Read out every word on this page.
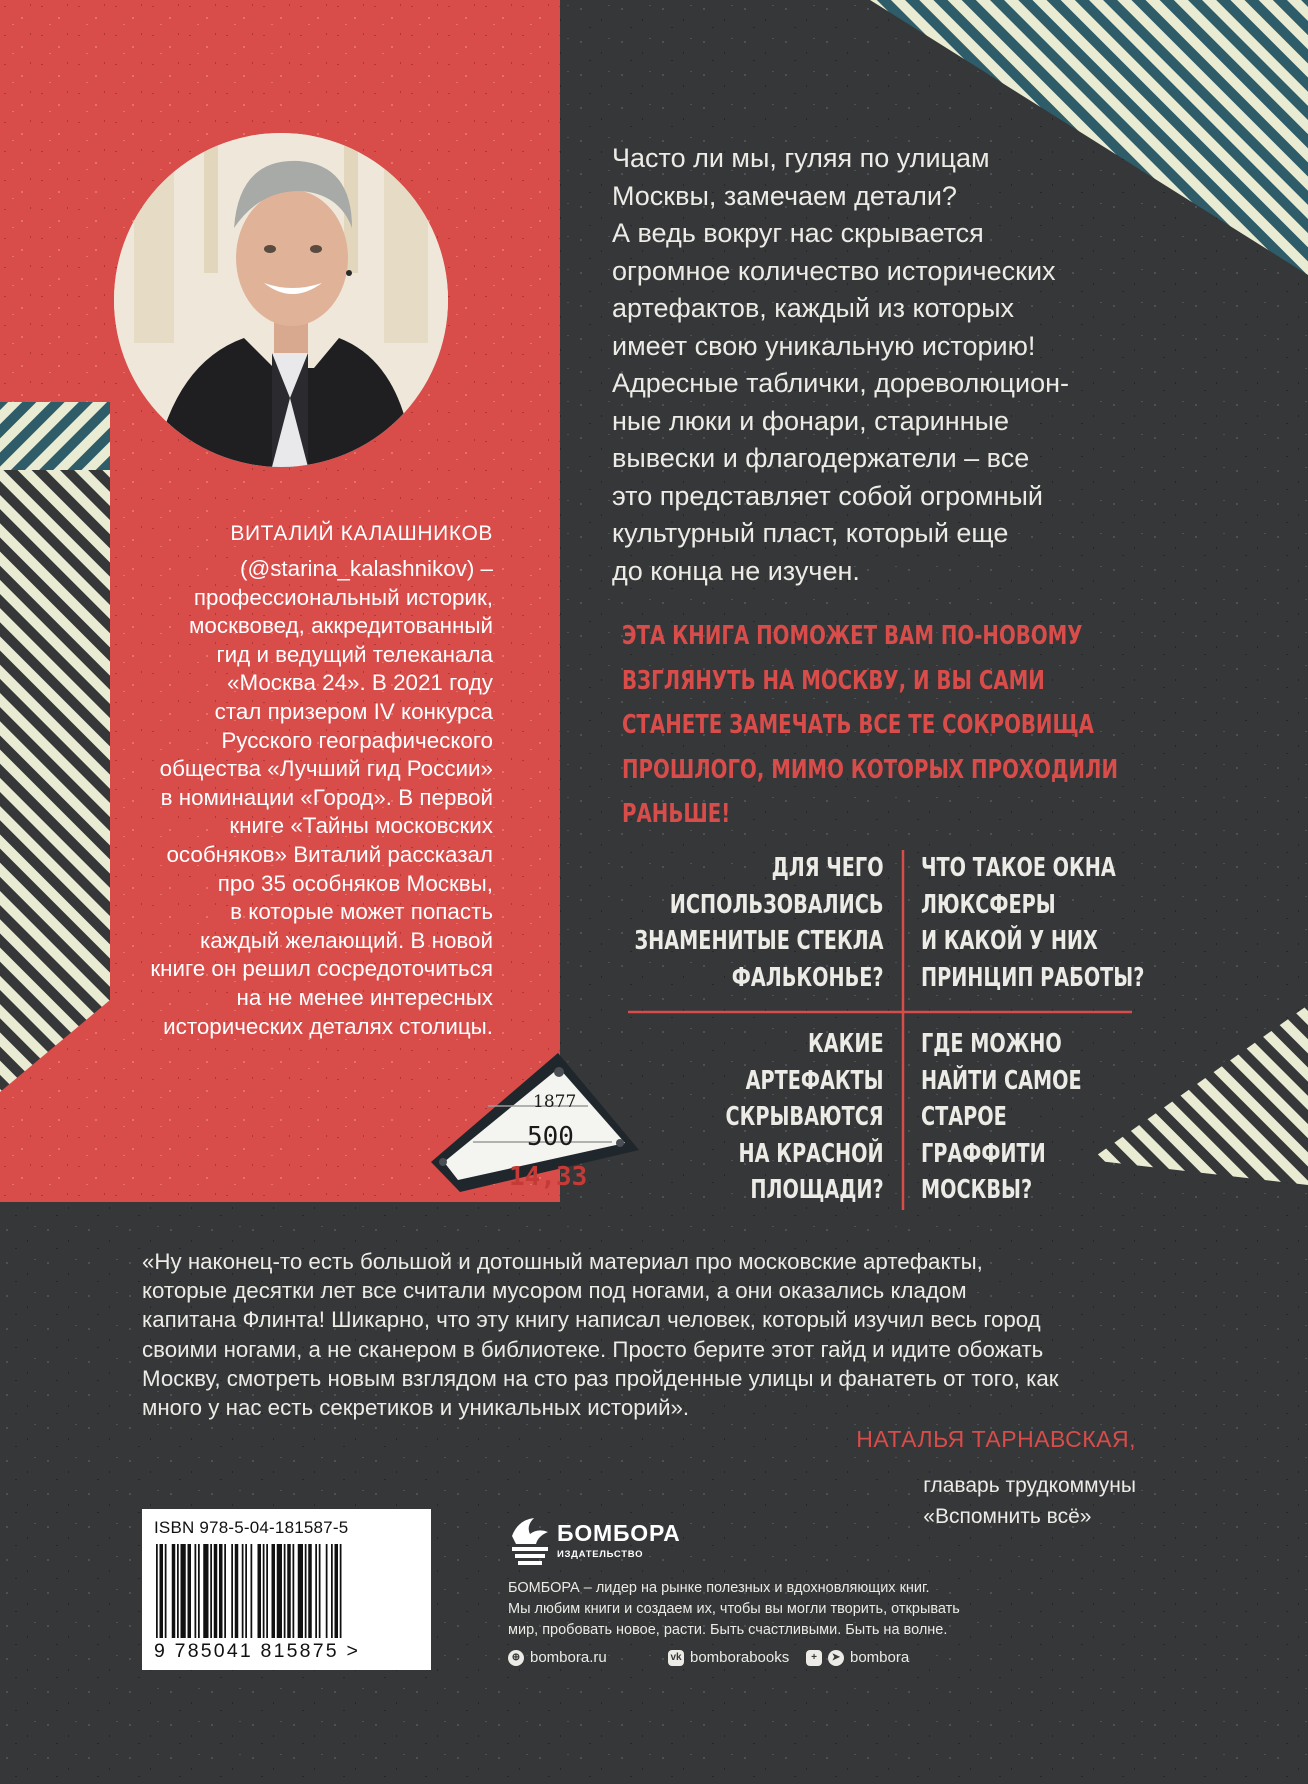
Часто ли мы, гуляя по улицам
Москвы, замечаем детали?
А ведь вокруг нас скрывается
огромное количество исторических
артефактов, каждый из которых
имеет свою уникальную историю!
Адресные таблички, дореволюцион-
ные люки и фонари, старинные
вывески и флагодержатели – все
это представляет собой огромный
культурный пласт, который еще
до конца не изучен.
ВИТАЛИЙ КАЛАШНИКОВ
(@starina_kalashnikov) –
профессиональный историк,
москвовед, аккредитованный
гид и ведущий телеканала
«Москва 24». В 2021 году
стал призером IV конкурса
Русского географического
общества «Лучший гид России»
в номинации «Город». В первой
книге «Тайны московских
особняков» Виталий рассказал
про 35 особняков Москвы,
в которые может попасть
каждый желающий. В новой
книге он решил сосредоточиться
на не менее интересных
исторических деталях столицы.
ЭТА КНИГА ПОМОЖЕТ ВАМ ПО-НОВОМУ
ВЗГЛЯНУТЬ НА МОСКВУ, И ВЫ САМИ
СТАНЕТЕ ЗАМЕЧАТЬ ВСЕ ТЕ СОКРОВИЩА
ПРОШЛОГО, МИМО КОТОРЫХ ПРОХОДИЛИ
РАНЬШЕ!
ДЛЯ ЧЕГО
ИСПОЛЬЗОВАЛИСЬ
ЗНАМЕНИТЫЕ СТЕКЛА
ФАЛЬКОНЬЕ?
ЧТО ТАКОЕ ОКНА
ЛЮКСФЕРЫ
И КАКОЙ У НИХ
ПРИНЦИП РАБОТЫ?
КАКИЕ
АРТЕФАКТЫ
СКРЫВАЮТСЯ
НА КРАСНОЙ
ПЛОЩАДИ?
ГДЕ МОЖНО
НАЙТИ САМОЕ
СТАРОЕ
ГРАФФИТИ
МОСКВЫ?
1877
500
14,33
«Ну наконец-то есть большой и дотошный материал про московские артефакты,
которые десятки лет все считали мусором под ногами, а они оказались кладом
капитана Флинта! Шикарно, что эту книгу написал человек, который изучил весь город
своими ногами, а не сканером в библиотеке. Просто берите этот гайд и идите обожать
Москву, смотреть новым взглядом на сто раз пройденные улицы и фанатеть от того, как
много у нас есть секретиков и уникальных историй».
НАТАЛЬЯ ТАРНАВСКАЯ,
главарь трудкоммуны
«Вспомнить всё»
ISBN 978-5-04-181587-5
9 785041 815875 >
БОМБОРА
ИЗДАТЕЛЬСТВО
БОМБОРА – лидер на рынке полезных и вдохновляющих книг.
Мы любим книги и создаем их, чтобы вы могли творить, открывать
мир, пробовать новое, расти. Быть счастливыми. Быть на волне.
⊕ bombora.ru	vk bomborabooks	+	➤ bombora
